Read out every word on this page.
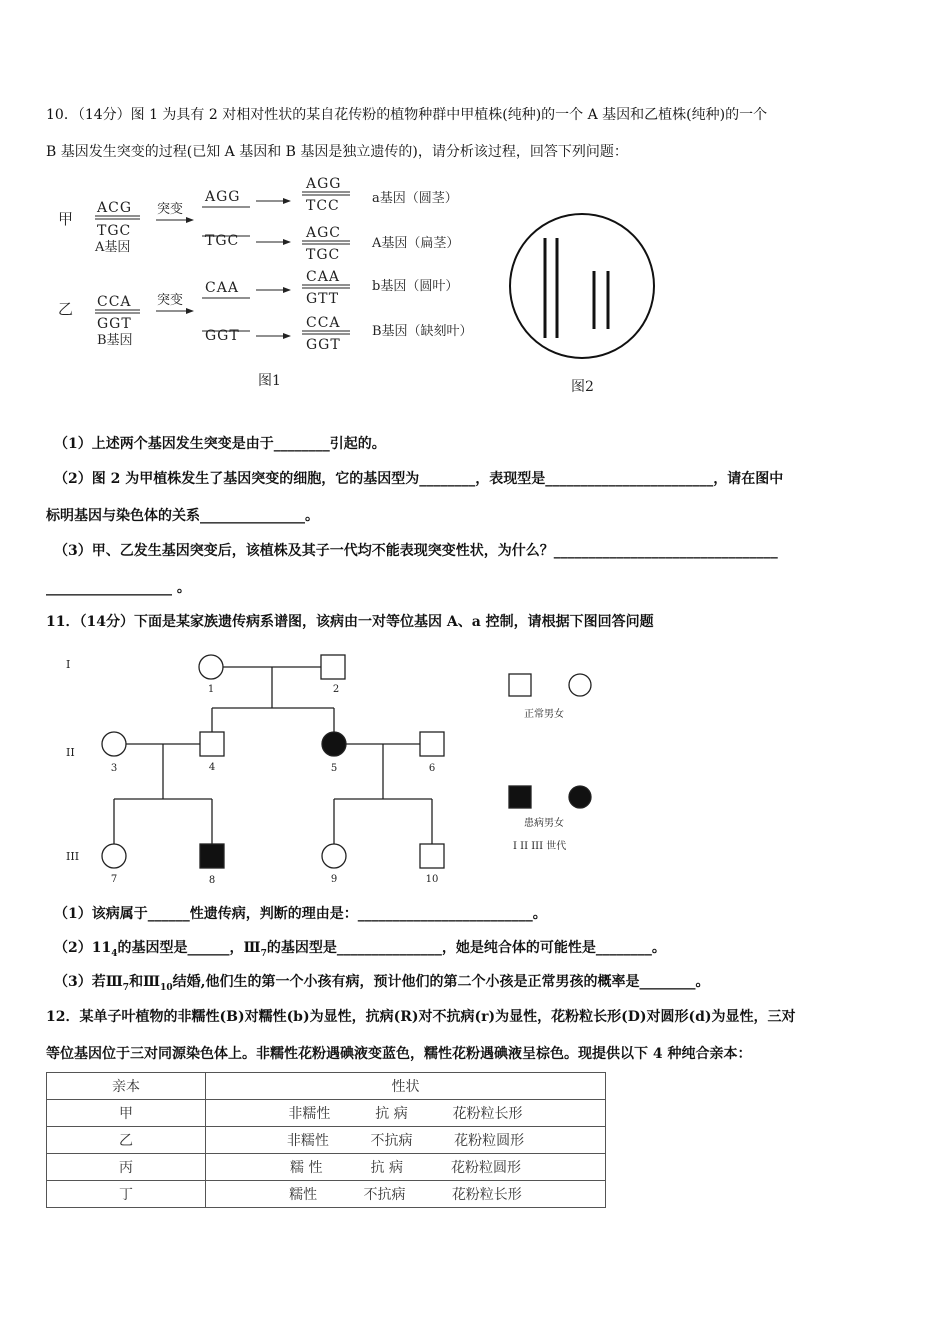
10．（14分）图 1 为具有 2 对相对性状的某自花传粉的植物种群中甲植株(纯种)的一个 A 基因和乙植株(纯种)的一个
B 基因发生突变的过程(已知 A 基因和 B 基因是独立遗传的)，请分析该过程，回答下列问题：
甲
乙
ACG
TGC
A基因
突变
AGG
TGC
AGG
TCC a基因（圆茎）
AGC
TGC
A基因（扁茎）
CCA
GGT
B基因
突变
CAA
GGT
CAA
GTT
b基因（圆叶）
CCA
GGT
B基因（缺刻叶）
图1	图2
（1）上述两个基因发生突变是由于________引起的。
（2）图 2 为甲植株发生了基因突变的细胞，它的基因型为________，表现型是________________________，请在图中
标明基因与染色体的关系_______________。
（3）甲、乙发生基因突变后，该植株及其子一代均不能表现突变性状，为什么？________________________________
__________________ 。
11．（14分）下面是某家族遗传病系谱图，该病由一对等位基因 A、a 控制，请根据下图回答问题
I
II
III
1	2
3	4	5	6
7	8	9	10
正常男女
患病男女
I II III 世代
（1）该病属于______性遗传病，判断的理由是：_________________________。
$(2)11_4$的基因型是______，$Ⅲ_7$的基因型是_______________，她是纯合体的可能性是________。
（3）若$Ⅲ_7$和$Ⅲ_{10}$结婚,他们生的第一个小孩有病，预计他们的第二个小孩是正常男孩的概率是________。
12．某单子叶植物的非糯性(B)对糯性(b)为显性，抗病(R)对不抗病(r)为显性，花粉粒长形(D)对圆形(d)为显性，三对
等位基因位于三对同源染色体上。非糯性花粉遇碘液变蓝色，糯性花粉遇碘液呈棕色。现提供以下 4 种纯合亲本：
亲本	性状
甲	非糯性 抗 病 花粉粒长形

乙	非糯性 不抗病 花粉粒圆形

丙	糯 性 抗 病 花粉粒圆形

丁	糯性 不抗病 花粉粒长形
